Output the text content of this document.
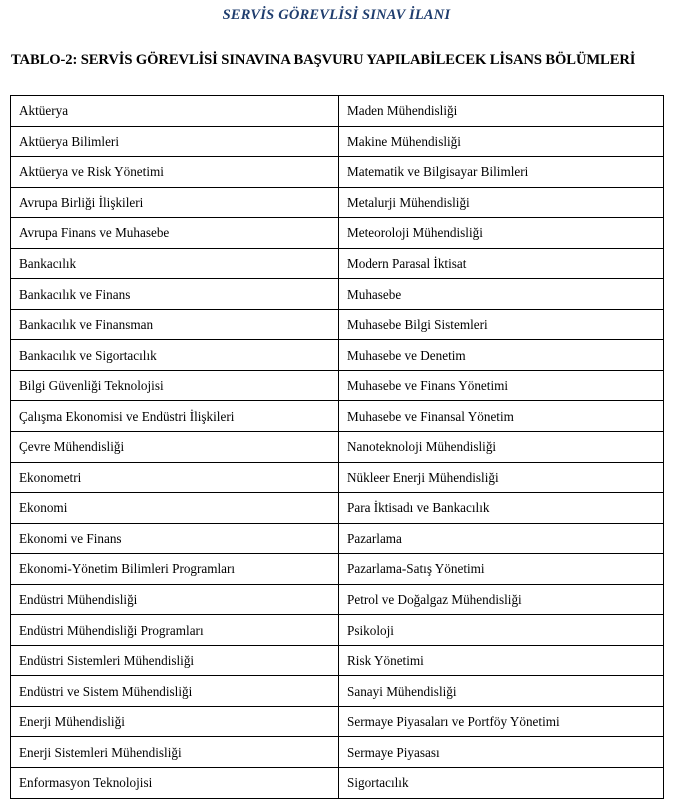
SERVİS GÖREVLİSİ SINAV İLANI
TABLO-2: SERVİS GÖREVLİSİ SINAVINA BAŞVURU YAPILABİLECEK LİSANS BÖLÜMLERİ
Aktüerya	Maden Mühendisliği
Aktüerya Bilimleri	Makine Mühendisliği
Aktüerya ve Risk Yönetimi	Matematik ve Bilgisayar Bilimleri
Avrupa Birliği İlişkileri	Metalurji Mühendisliği
Avrupa Finans ve Muhasebe	Meteoroloji Mühendisliği
Bankacılık	Modern Parasal İktisat
Bankacılık ve Finans	Muhasebe
Bankacılık ve Finansman	Muhasebe Bilgi Sistemleri
Bankacılık ve Sigortacılık	Muhasebe ve Denetim
Bilgi Güvenliği Teknolojisi	Muhasebe ve Finans Yönetimi
Çalışma Ekonomisi ve Endüstri İlişkileri	Muhasebe ve Finansal Yönetim
Çevre Mühendisliği	Nanoteknoloji Mühendisliği
Ekonometri	Nükleer Enerji Mühendisliği
Ekonomi	Para İktisadı ve Bankacılık
Ekonomi ve Finans	Pazarlama
Ekonomi-Yönetim Bilimleri Programları	Pazarlama-Satış Yönetimi
Endüstri Mühendisliği	Petrol ve Doğalgaz Mühendisliği
Endüstri Mühendisliği Programları	Psikoloji
Endüstri Sistemleri Mühendisliği	Risk Yönetimi
Endüstri ve Sistem Mühendisliği	Sanayi Mühendisliği
Enerji Mühendisliği	Sermaye Piyasaları ve Portföy Yönetimi
Enerji Sistemleri Mühendisliği	Sermaye Piyasası
Enformasyon Teknolojisi	Sigortacılık
